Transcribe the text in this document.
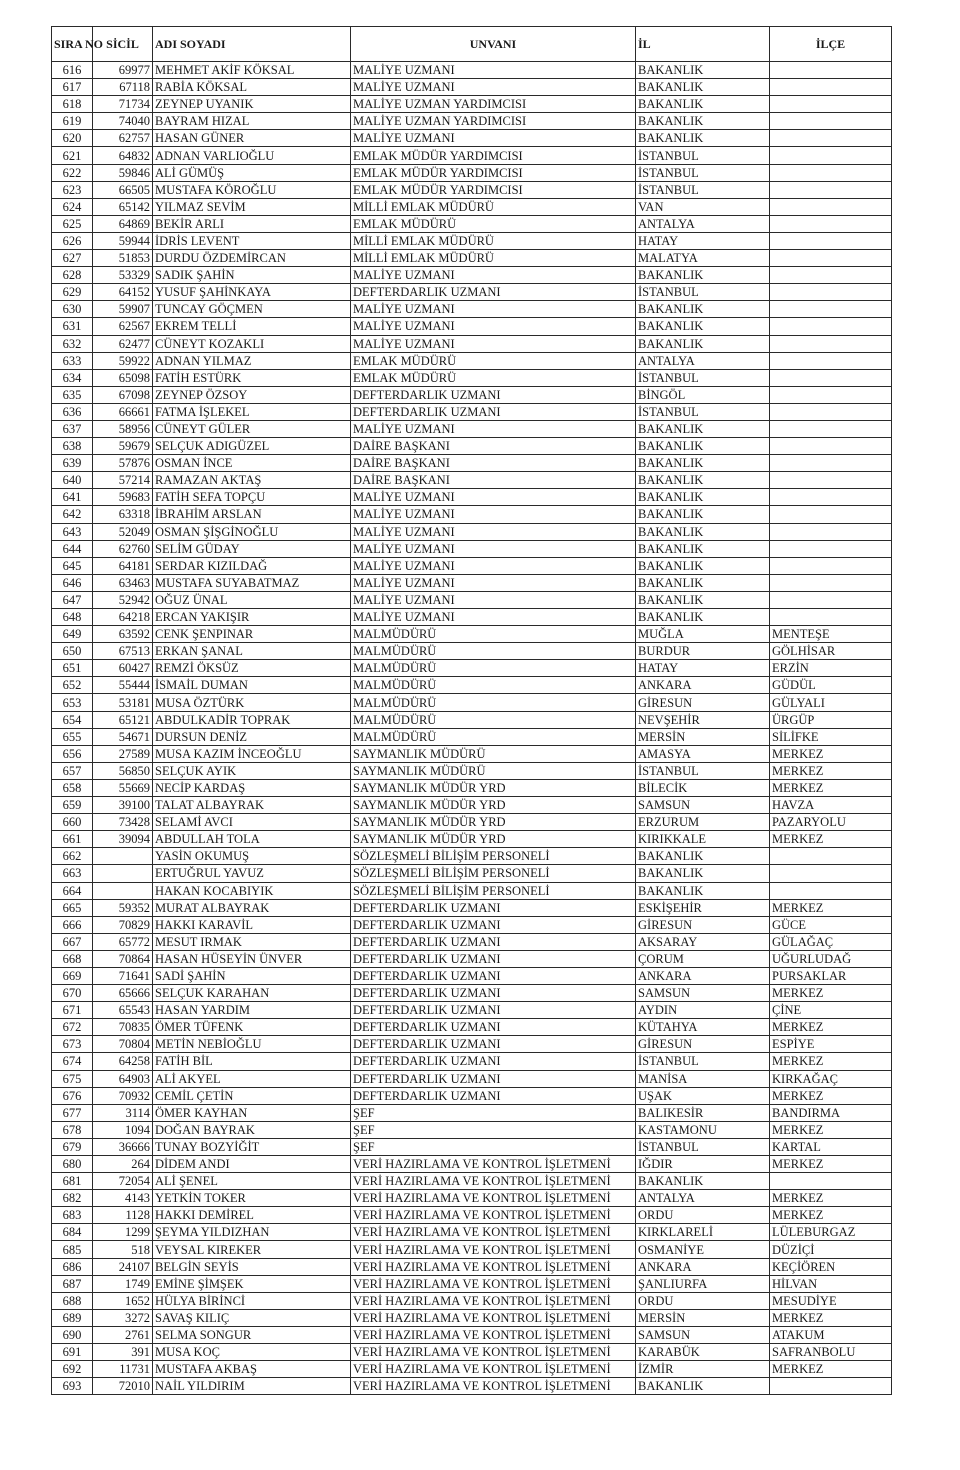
SIRA NO	SİCİL	ADI SOYADI	UNVANI	İL	İLÇE
616	69977	MEHMET AKİF KÖKSAL	MALİYE UZMANI	BAKANLIK	
617	67118	RABİA KÖKSAL	MALİYE UZMANI	BAKANLIK	
618	71734	ZEYNEP UYANIK	MALİYE UZMAN YARDIMCISI	BAKANLIK	
619	74040	BAYRAM HIZAL	MALİYE UZMAN YARDIMCISI	BAKANLIK	
620	62757	HASAN GÜNER	MALİYE UZMANI	BAKANLIK	
621	64832	ADNAN VARLIOĞLU	EMLAK MÜDÜR YARDIMCISI	İSTANBUL	
622	59846	ALİ GÜMÜŞ	EMLAK MÜDÜR YARDIMCISI	İSTANBUL	
623	66505	MUSTAFA KÖROĞLU	EMLAK MÜDÜR YARDIMCISI	İSTANBUL	
624	65142	YILMAZ SEVİM	MİLLİ EMLAK MÜDÜRÜ	VAN	
625	64869	BEKİR ARLI	EMLAK MÜDÜRÜ	ANTALYA	
626	59944	İDRİS LEVENT	MİLLİ EMLAK MÜDÜRÜ	HATAY	
627	51853	DURDU ÖZDEMİRCAN	MİLLİ EMLAK MÜDÜRÜ	MALATYA	
628	53329	SADIK ŞAHİN	MALİYE UZMANI	BAKANLIK	
629	64152	YUSUF ŞAHİNKAYA	DEFTERDARLIK UZMANI	İSTANBUL	
630	59907	TUNCAY GÖÇMEN	MALİYE UZMANI	BAKANLIK	
631	62567	EKREM TELLİ	MALİYE UZMANI	BAKANLIK	
632	62477	CÜNEYT KOZAKLI	MALİYE UZMANI	BAKANLIK	
633	59922	ADNAN YILMAZ	EMLAK MÜDÜRÜ	ANTALYA	
634	65098	FATİH ESTÜRK	EMLAK MÜDÜRÜ	İSTANBUL	
635	67098	ZEYNEP ÖZSOY	DEFTERDARLIK UZMANI	BİNGÖL	
636	66661	FATMA İŞLEKEL	DEFTERDARLIK UZMANI	İSTANBUL	
637	58956	CÜNEYT GÜLER	MALİYE UZMANI	BAKANLIK	
638	59679	SELÇUK ADIGÜZEL	DAİRE BAŞKANI	BAKANLIK	
639	57876	OSMAN İNCE	DAİRE BAŞKANI	BAKANLIK	
640	57214	RAMAZAN AKTAŞ	DAİRE BAŞKANI	BAKANLIK	
641	59683	FATİH SEFA TOPÇU	MALİYE UZMANI	BAKANLIK	
642	63318	İBRAHİM ARSLAN	MALİYE UZMANI	BAKANLIK	
643	52049	OSMAN ŞİŞGİNOĞLU	MALİYE UZMANI	BAKANLIK	
644	62760	SELİM GÜDAY	MALİYE UZMANI	BAKANLIK	
645	64181	SERDAR KIZILDAĞ	MALİYE UZMANI	BAKANLIK	
646	63463	MUSTAFA SUYABATMAZ	MALİYE UZMANI	BAKANLIK	
647	52942	OĞUZ ÜNAL	MALİYE UZMANI	BAKANLIK	
648	64218	ERCAN YAKIŞIR	MALİYE UZMANI	BAKANLIK	
649	63592	CENK ŞENPINAR	MALMÜDÜRÜ	MUĞLA	MENTEŞE
650	67513	ERKAN ŞANAL	MALMÜDÜRÜ	BURDUR	GÖLHİSAR
651	60427	REMZİ ÖKSÜZ	MALMÜDÜRÜ	HATAY	ERZİN
652	55444	İSMAİL DUMAN	MALMÜDÜRÜ	ANKARA	GÜDÜL
653	53181	MUSA ÖZTÜRK	MALMÜDÜRÜ	GİRESUN	GÜLYALI
654	65121	ABDULKADİR TOPRAK	MALMÜDÜRÜ	NEVŞEHİR	ÜRGÜP
655	54671	DURSUN DENİZ	MALMÜDÜRÜ	MERSİN	SİLİFKE
656	27589	MUSA KAZIM İNCEOĞLU	SAYMANLIK MÜDÜRÜ	AMASYA	MERKEZ
657	56850	SELÇUK AYIK	SAYMANLIK MÜDÜRÜ	İSTANBUL	MERKEZ
658	55669	NECİP KARDAŞ	SAYMANLIK MÜDÜR YRD	BİLECİK	MERKEZ
659	39100	TALAT ALBAYRAK	SAYMANLIK MÜDÜR YRD	SAMSUN	HAVZA
660	73428	SELAMİ AVCI	SAYMANLIK MÜDÜR YRD	ERZURUM	PAZARYOLU
661	39094	ABDULLAH TOLA	SAYMANLIK MÜDÜR YRD	KIRIKKALE	MERKEZ
662		YASİN OKUMUŞ	SÖZLEŞMELİ BİLİŞİM PERSONELİ	BAKANLIK	
663		ERTUĞRUL YAVUZ	SÖZLEŞMELİ BİLİŞİM PERSONELİ	BAKANLIK	
664		HAKAN KOCABIYIK	SÖZLEŞMELİ BİLİŞİM PERSONELİ	BAKANLIK	
665	59352	MURAT ALBAYRAK	DEFTERDARLIK UZMANI	ESKİŞEHİR	MERKEZ
666	70829	HAKKI KARAVİL	DEFTERDARLIK UZMANI	GİRESUN	GÜCE
667	65772	MESUT IRMAK	DEFTERDARLIK UZMANI	AKSARAY	GÜLAĞAÇ
668	70864	HASAN HÜSEYİN ÜNVER	DEFTERDARLIK UZMANI	ÇORUM	UĞURLUDAĞ
669	71641	SADİ ŞAHİN	DEFTERDARLIK UZMANI	ANKARA	PURSAKLAR
670	65666	SELÇUK KARAHAN	DEFTERDARLIK UZMANI	SAMSUN	MERKEZ
671	65543	HASAN YARDIM	DEFTERDARLIK UZMANI	AYDIN	ÇİNE
672	70835	ÖMER TÜFENK	DEFTERDARLIK UZMANI	KÜTAHYA	MERKEZ
673	70804	METİN NEBİOĞLU	DEFTERDARLIK UZMANI	GİRESUN	ESPİYE
674	64258	FATİH BİL	DEFTERDARLIK UZMANI	İSTANBUL	MERKEZ
675	64903	ALİ AKYEL	DEFTERDARLIK UZMANI	MANİSA	KIRKAĞAÇ
676	70932	CEMİL ÇETİN	DEFTERDARLIK UZMANI	UŞAK	MERKEZ
677	3114	ÖMER KAYHAN	ŞEF	BALIKESİR	BANDIRMA
678	1094	DOĞAN BAYRAK	ŞEF	KASTAMONU	MERKEZ
679	36666	TUNAY BOZYİĞİT	ŞEF	İSTANBUL	KARTAL
680	264	DİDEM ANDI	VERİ HAZIRLAMA VE KONTROL İŞLETMENİ	IĞDIR	MERKEZ
681	72054	ALİ ŞENEL	VERİ HAZIRLAMA VE KONTROL İŞLETMENİ	BAKANLIK	
682	4143	YETKİN TOKER	VERİ HAZIRLAMA VE KONTROL İŞLETMENİ	ANTALYA	MERKEZ
683	1128	HAKKI DEMİREL	VERİ HAZIRLAMA VE KONTROL İŞLETMENİ	ORDU	MERKEZ
684	1299	ŞEYMA YILDIZHAN	VERİ HAZIRLAMA VE KONTROL İŞLETMENİ	KIRKLARELİ	LÜLEBURGAZ
685	518	VEYSAL KIREKER	VERİ HAZIRLAMA VE KONTROL İŞLETMENİ	OSMANİYE	DÜZİÇİ
686	24107	BELGİN SEYİS	VERİ HAZIRLAMA VE KONTROL İŞLETMENİ	ANKARA	KEÇİÖREN
687	1749	EMİNE ŞİMŞEK	VERİ HAZIRLAMA VE KONTROL İŞLETMENİ	ŞANLIURFA	HİLVAN
688	1652	HÜLYA BİRİNCİ	VERİ HAZIRLAMA VE KONTROL İŞLETMENİ	ORDU	MESUDİYE
689	3272	SAVAŞ KILIÇ	VERİ HAZIRLAMA VE KONTROL İŞLETMENİ	MERSİN	MERKEZ
690	2761	SELMA SONGUR	VERİ HAZIRLAMA VE KONTROL İŞLETMENİ	SAMSUN	ATAKUM
691	391	MUSA KOÇ	VERİ HAZIRLAMA VE KONTROL İŞLETMENİ	KARABÜK	SAFRANBOLU
692	11731	MUSTAFA AKBAŞ	VERİ HAZIRLAMA VE KONTROL İŞLETMENİ	İZMİR	MERKEZ
693	72010	NAİL YILDIRIM	VERİ HAZIRLAMA VE KONTROL İŞLETMENİ	BAKANLIK	
